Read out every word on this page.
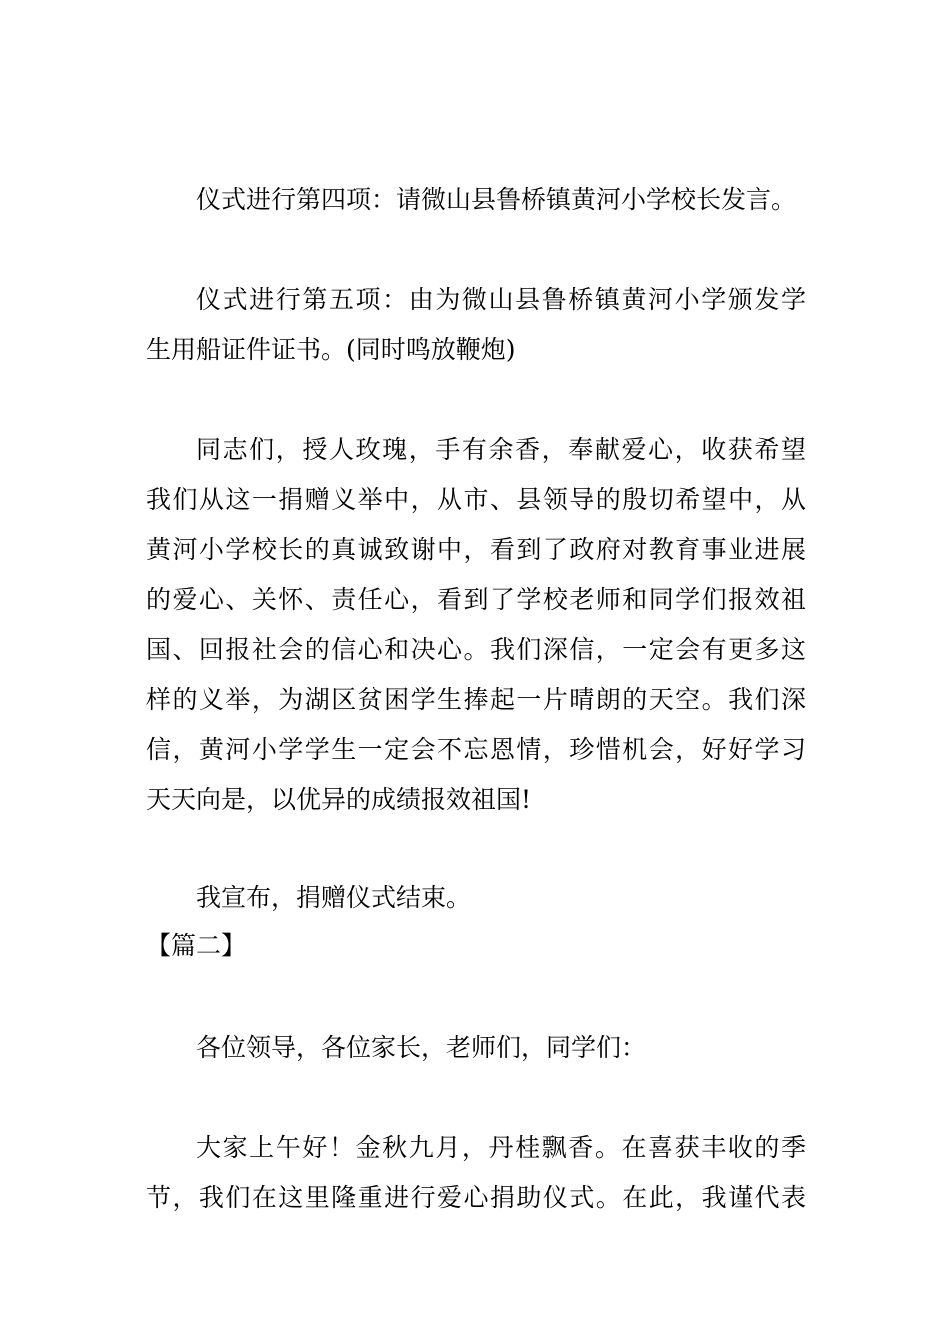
仪式进行第四项：请微山县鲁桥镇黄河小学校长发言。
仪式进行第五项：由为微山县鲁桥镇黄河小学颁发学
生用船证件证书。(同时鸣放鞭炮)
同志们，授人玫瑰，手有余香，奉献爱心，收获希望
我们从这一捐赠义举中，从市、县领导的殷切希望中，从
黄河小学校长的真诚致谢中，看到了政府对教育事业进展
的爱心、关怀、责任心，看到了学校老师和同学们报效祖
国、回报社会的信心和决心。我们深信，一定会有更多这
样的义举，为湖区贫困学生捧起一片晴朗的天空。我们深
信，黄河小学学生一定会不忘恩情，珍惜机会，好好学习
天天向是，以优异的成绩报效祖国!
我宣布，捐赠仪式结束。
【篇二】
各位领导，各位家长，老师们，同学们：
大家上午好！金秋九月，丹桂飘香。在喜获丰收的季
节，我们在这里隆重进行爱心捐助仪式。在此，我谨代表
